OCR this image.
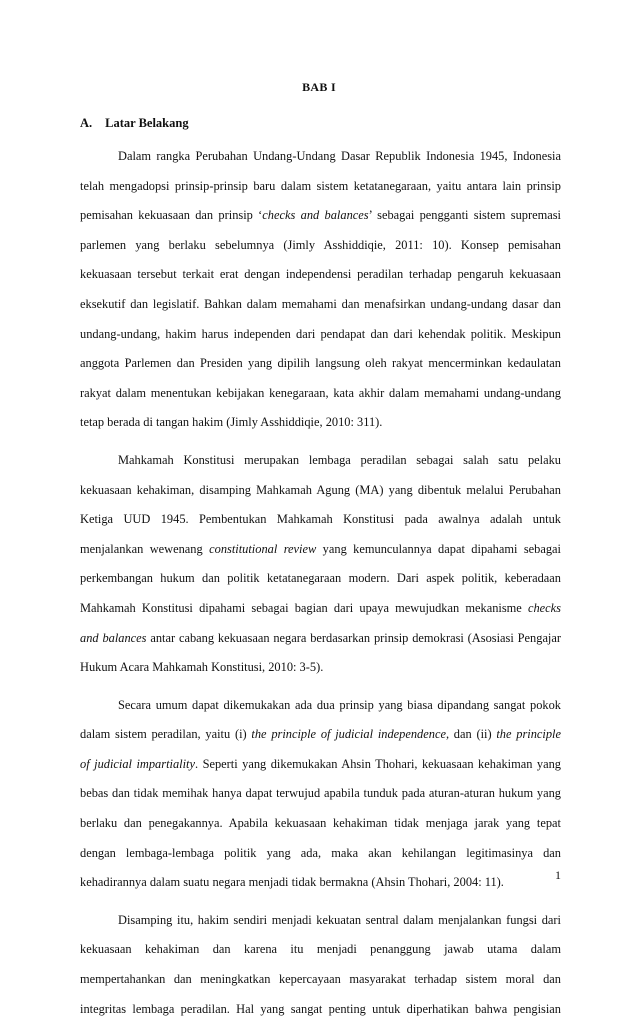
BAB I
A. Latar Belakang
Dalam rangka Perubahan Undang-Undang Dasar Republik Indonesia 1945, Indonesia
telah mengadopsi prinsip-prinsip baru dalam sistem ketatanegaraan, yaitu antara lain prinsip
pemisahan kekuasaan dan prinsip ‘checks and balances’ sebagai pengganti sistem supremasi
parlemen yang berlaku sebelumnya (Jimly Asshiddiqie, 2011: 10). Konsep pemisahan
kekuasaan tersebut terkait erat dengan independensi peradilan terhadap pengaruh kekuasaan
eksekutif dan legislatif. Bahkan dalam memahami dan menafsirkan undang-undang dasar dan
undang-undang, hakim harus independen dari pendapat dan dari kehendak politik. Meskipun
anggota Parlemen dan Presiden yang dipilih langsung oleh rakyat mencerminkan kedaulatan
rakyat dalam menentukan kebijakan kenegaraan, kata akhir dalam memahami undang-undang
tetap berada di tangan hakim (Jimly Asshiddiqie, 2010: 311).
Mahkamah Konstitusi merupakan lembaga peradilan sebagai salah satu pelaku
kekuasaan kehakiman, disamping Mahkamah Agung (MA) yang dibentuk melalui Perubahan
Ketiga UUD 1945. Pembentukan Mahkamah Konstitusi pada awalnya adalah untuk
menjalankan wewenang constitutional review yang kemunculannya dapat dipahami sebagai
perkembangan hukum dan politik ketatanegaraan modern. Dari aspek politik, keberadaan
Mahkamah Konstitusi dipahami sebagai bagian dari upaya mewujudkan mekanisme checks
and balances antar cabang kekuasaan negara berdasarkan prinsip demokrasi (Asosiasi Pengajar
Hukum Acara Mahkamah Konstitusi, 2010: 3-5).
Secara umum dapat dikemukakan ada dua prinsip yang biasa dipandang sangat pokok
dalam sistem peradilan, yaitu (i) the principle of judicial independence, dan (ii) the principle
of judicial impartiality. Seperti yang dikemukakan Ahsin Thohari, kekuasaan kehakiman yang
bebas dan tidak memihak hanya dapat terwujud apabila tunduk pada aturan-aturan hukum yang
berlaku dan penegakannya. Apabila kekuasaan kehakiman tidak menjaga jarak yang tepat
dengan lembaga-lembaga politik yang ada, maka akan kehilangan legitimasinya dan
kehadirannya dalam suatu negara menjadi tidak bermakna (Ahsin Thohari, 2004: 11).
Disamping itu, hakim sendiri menjadi kekuatan sentral dalam menjalankan fungsi dari
kekuasaan kehakiman dan karena itu menjadi penanggung jawab utama dalam
mempertahankan dan meningkatkan kepercayaan masyarakat terhadap sistem moral dan
integritas lembaga peradilan. Hal yang sangat penting untuk diperhatikan bahwa pengisian
1
